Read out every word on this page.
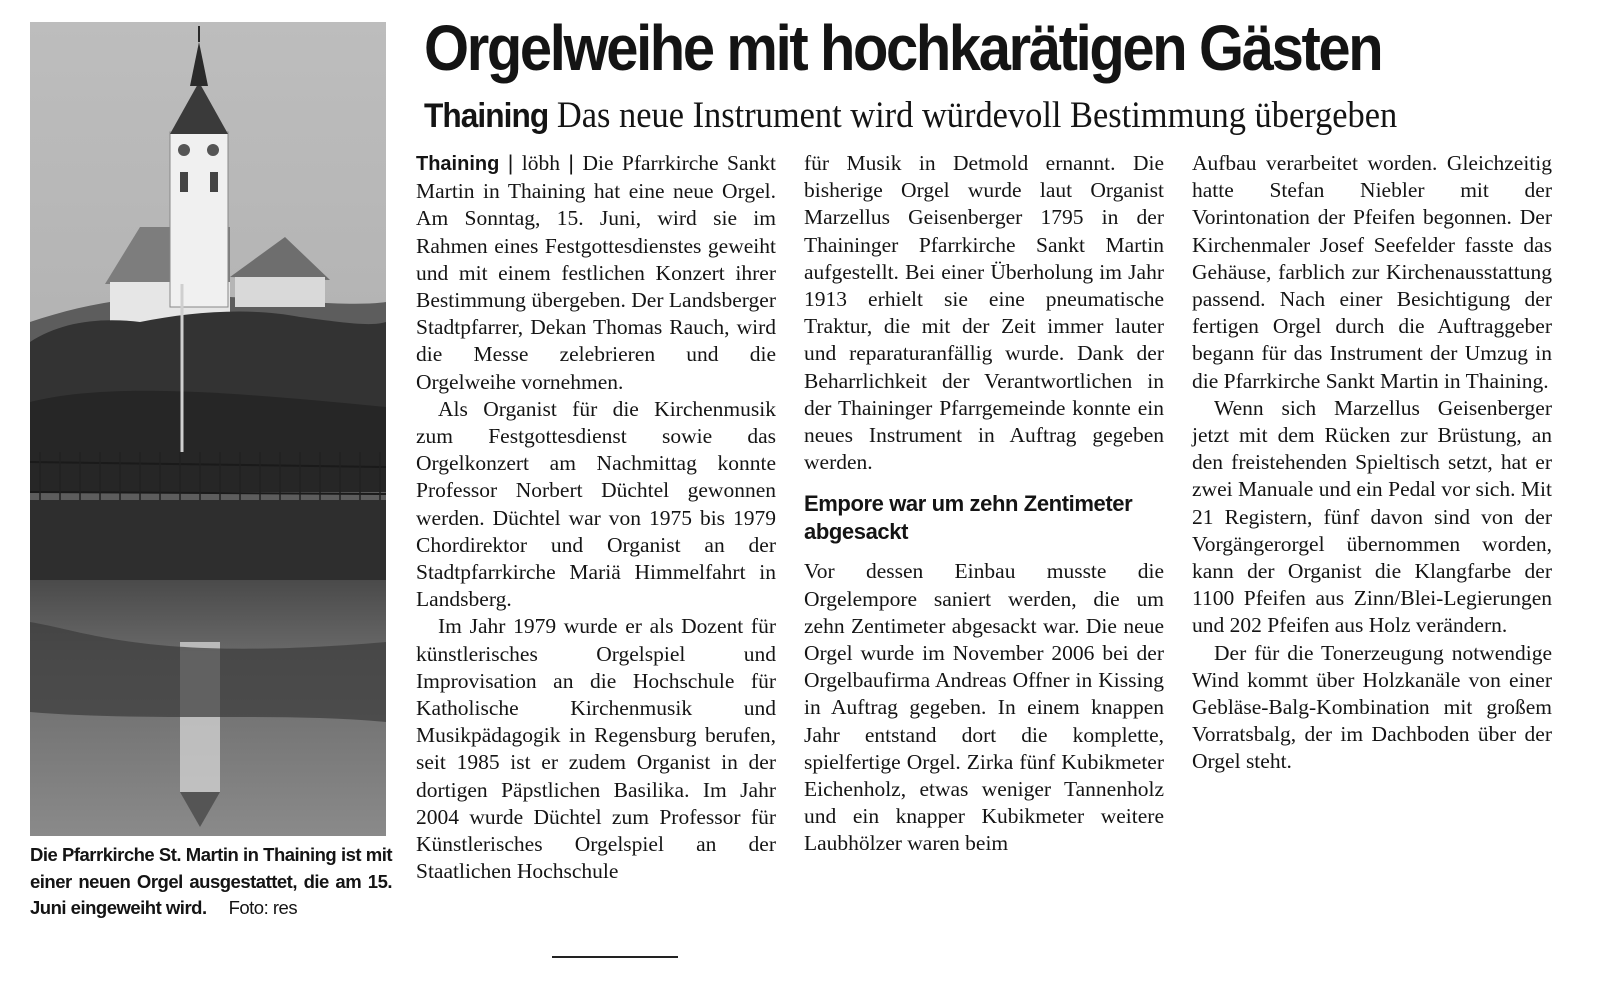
Orgelweihe mit hochkarätigen Gästen
Thaining Das neue Instrument wird würdevoll Bestimmung übergeben
Die Pfarrkirche St. Martin in Thaining ist mit einer neuen Orgel ausgestattet, die am 15. Juni eingeweiht wird. Foto: res

Thaining | löbh | Die Pfarrkirche Sankt Martin in Thaining hat eine neue Orgel. Am Sonntag, 15. Juni, wird sie im Rahmen eines Festgottesdienstes geweiht und mit einem festlichen Konzert ihrer Bestimmung übergeben. Der Landsberger Stadtpfarrer, Dekan Thomas Rauch, wird die Messe zelebrieren und die Orgelweihe vornehmen.

Als Organist für die Kirchenmusik zum Festgottesdienst sowie das Orgelkonzert am Nachmittag konnte Professor Norbert Düchtel gewonnen werden. Düchtel war von 1975 bis 1979 Chordirektor und Organist an der Stadtpfarrkirche Mariä Himmelfahrt in Landsberg.

Im Jahr 1979 wurde er als Dozent für künstlerisches Orgelspiel und Improvisation an die Hochschule für Katholische Kirchenmusik und Musikpädagogik in Regensburg berufen, seit 1985 ist er zudem Organist in der dortigen Päpstlichen Basilika. Im Jahr 2004 wurde Düchtel zum Professor für Künstlerisches Orgelspiel an der Staatlichen Hochschule

für Musik in Detmold ernannt. Die bisherige Orgel wurde laut Organist Marzellus Geisenberger 1795 in der Thaininger Pfarrkirche Sankt Martin aufgestellt. Bei einer Überholung im Jahr 1913 erhielt sie eine pneumatische Traktur, die mit der Zeit immer lauter und reparaturanfällig wurde. Dank der Beharrlichkeit der Verantwortlichen in der Thaininger Pfarrgemeinde konnte ein neues Instrument in Auftrag gegeben werden.

Empore war um zehn Zentimeter abgesackt

Vor dessen Einbau musste die Orgelempore saniert werden, die um zehn Zentimeter abgesackt war. Die neue Orgel wurde im November 2006 bei der Orgelbaufirma Andreas Offner in Kissing in Auftrag gegeben. In einem knappen Jahr entstand dort die komplette, spielfertige Orgel. Zirka fünf Kubikmeter Eichenholz, etwas weniger Tannenholz und ein knapper Kubikmeter weitere Laubhölzer waren beim

Aufbau verarbeitet worden. Gleichzeitig hatte Stefan Niebler mit der Vorintonation der Pfeifen begonnen. Der Kirchenmaler Josef Seefelder fasste das Gehäuse, farblich zur Kirchenausstattung passend. Nach einer Besichtigung der fertigen Orgel durch die Auftraggeber begann für das Instrument der Umzug in die Pfarrkirche Sankt Martin in Thaining.

Wenn sich Marzellus Geisenberger jetzt mit dem Rücken zur Brüstung, an den freistehenden Spieltisch setzt, hat er zwei Manuale und ein Pedal vor sich. Mit 21 Registern, fünf davon sind von der Vorgängerorgel übernommen worden, kann der Organist die Klangfarbe der 1100 Pfeifen aus Zinn/Blei-Legierungen und 202 Pfeifen aus Holz verändern.

Der für die Tonerzeugung notwendige Wind kommt über Holzkanäle von einer Gebläse-Balg-Kombination mit großem Vorratsbalg, der im Dachboden über der Orgel steht.
